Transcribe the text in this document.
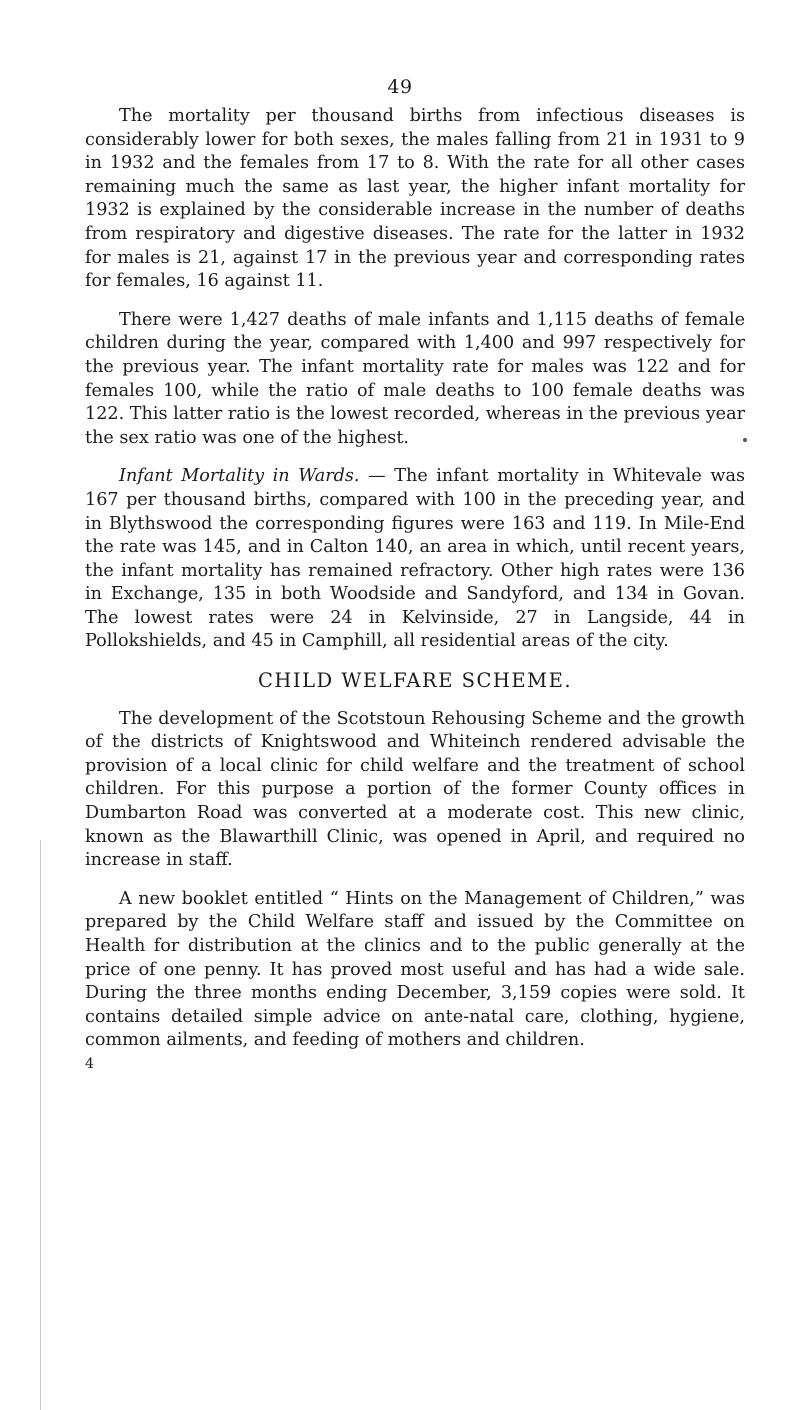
49

The mortality per thousand births from infectious diseases is considerably lower for both sexes, the males falling from 21 in 1931 to 9 in 1932 and the females from 17 to 8. With the rate for all other cases remaining much the same as last year, the higher infant mortality for 1932 is explained by the considerable increase in the number of deaths from respiratory and digestive diseases. The rate for the latter in 1932 for males is 21, against 17 in the previous year and corresponding rates for females, 16 against 11.

There were 1,427 deaths of male infants and 1,115 deaths of female children during the year, compared with 1,400 and 997 respectively for the previous year. The infant mortality rate for males was 122 and for females 100, while the ratio of male deaths to 100 female deaths was 122. This latter ratio is the lowest recorded, whereas in the previous year the sex ratio was one of the highest.

Infant Mortality in Wards. — The infant mortality in Whitevale was 167 per thousand births, compared with 100 in the preceding year, and in Blythswood the corresponding figures were 163 and 119. In Mile-End the rate was 145, and in Calton 140, an area in which, until recent years, the infant mortality has remained refractory. Other high rates were 136 in Exchange, 135 in both Woodside and Sandyford, and 134 in Govan. The lowest rates were 24 in Kelvinside, 27 in Langside, 44 in Pollokshields, and 45 in Camphill, all residential areas of the city.

CHILD WELFARE SCHEME.

The development of the Scotstoun Rehousing Scheme and the growth of the districts of Knightswood and Whiteinch rendered advisable the provision of a local clinic for child welfare and the treatment of school children. For this purpose a portion of the former County offices in Dumbarton Road was converted at a moderate cost. This new clinic, known as the Blawarthill Clinic, was opened in April, and required no increase in staff.

A new booklet entitled “ Hints on the Management of Children,” was prepared by the Child Welfare staff and issued by the Committee on Health for distribution at the clinics and to the public generally at the price of one penny. It has proved most useful and has had a wide sale. During the three months ending December, 3,159 copies were sold. It contains detailed simple advice on ante-natal care, clothing, hygiene, common ailments, and feeding of mothers and children.

4
